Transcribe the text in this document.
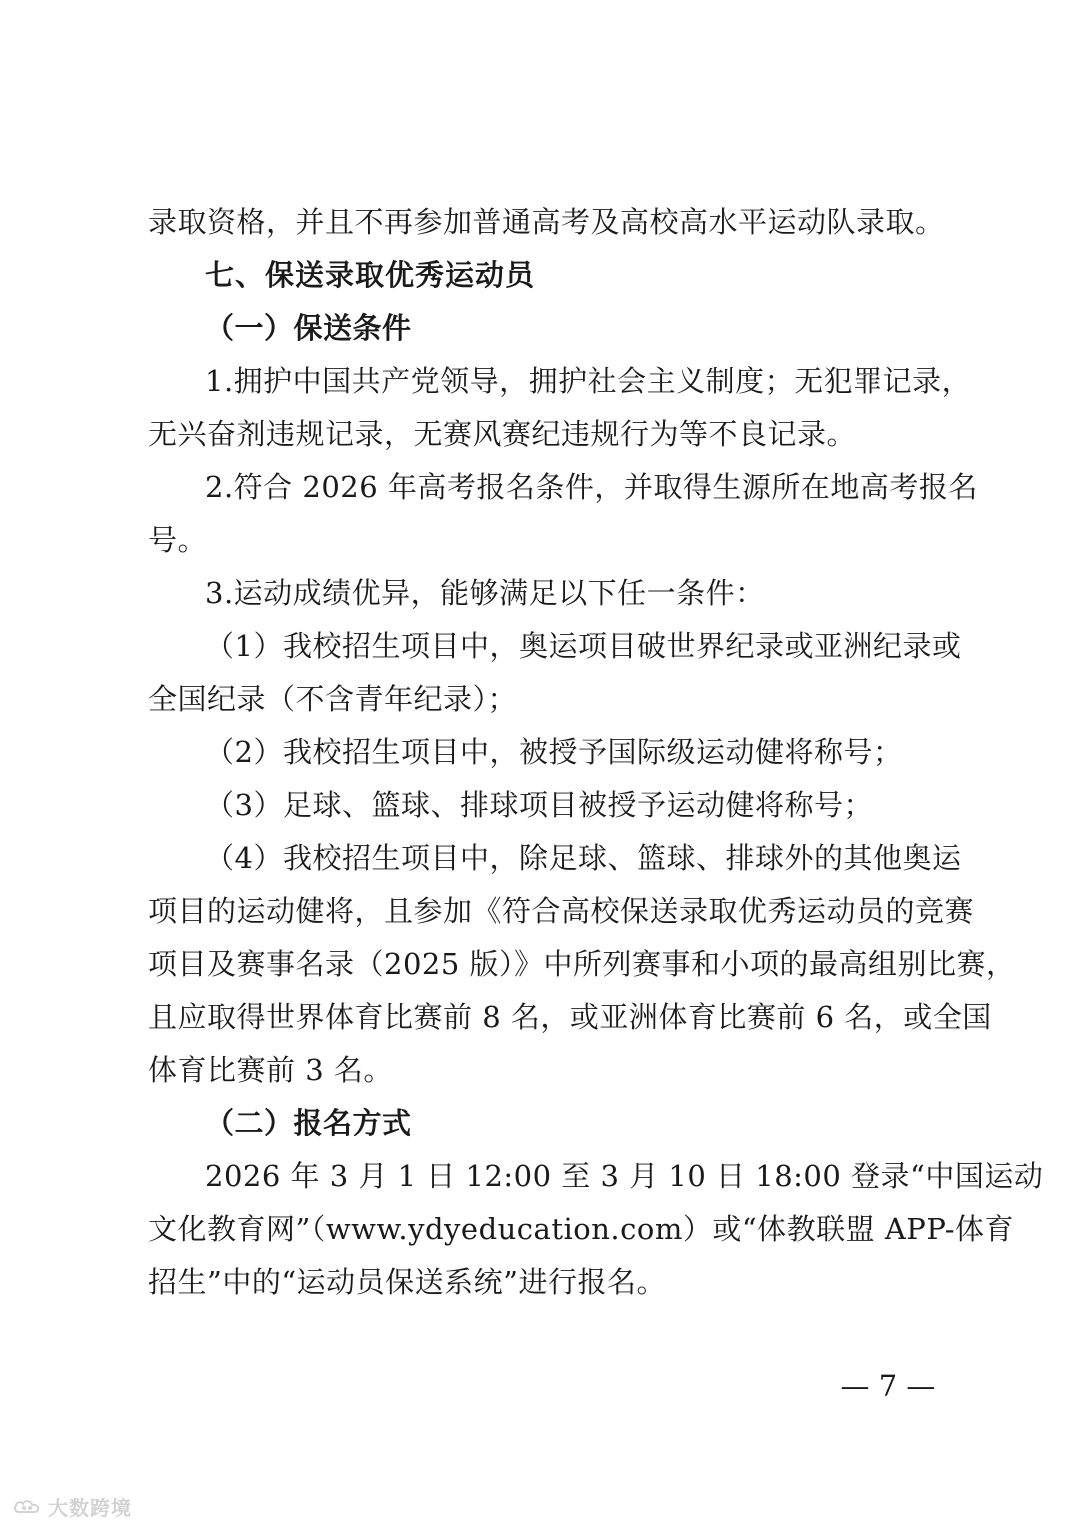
录取资格，并且不再参加普通高考及高校高水平运动队录取。
七、保送录取优秀运动员
（一）保送条件
1.拥护中国共产党领导，拥护社会主义制度；无犯罪记录，
无兴奋剂违规记录，无赛风赛纪违规行为等不良记录。
2.符合 2026 年高考报名条件，并取得生源所在地高考报名
号。
3.运动成绩优异，能够满足以下任一条件：
（1）我校招生项目中，奥运项目破世界纪录或亚洲纪录或
全国纪录（不含青年纪录）；
（2）我校招生项目中，被授予国际级运动健将称号；
（3）足球、篮球、排球项目被授予运动健将称号；
（4）我校招生项目中，除足球、篮球、排球外的其他奥运
项目的运动健将，且参加《符合高校保送录取优秀运动员的竞赛
项目及赛事名录（2025 版）》中所列赛事和小项的最高组别比赛，
且应取得世界体育比赛前 8 名，或亚洲体育比赛前 6 名，或全国
体育比赛前 3 名。
（二）报名方式
2026 年 3 月 1 日 12:00 至 3 月 10 日 18:00 登录“中国运动
文化教育网”（www.ydyeducation.com）或“体教联盟 APP-体育
招生”中的“运动员保送系统”进行报名。
— 7 —
大数跨境
